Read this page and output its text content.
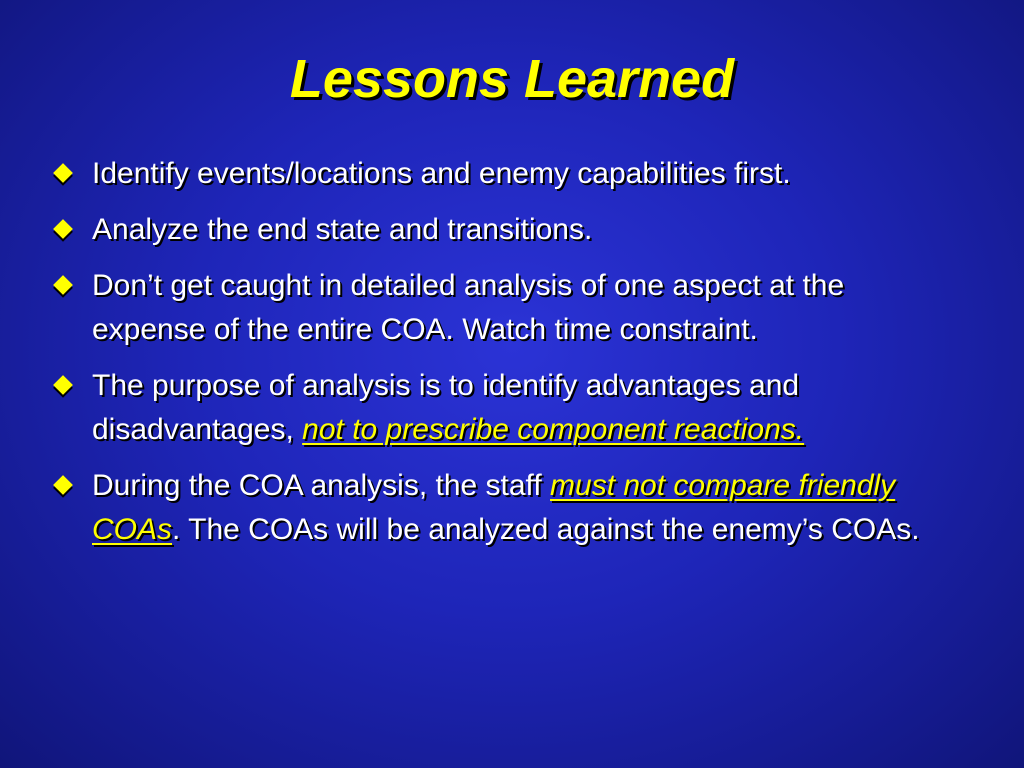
Lessons Learned
Identify events/locations and enemy capabilities first.
Analyze the end state and transitions.
Don’t get caught in detailed analysis of one aspect at the expense of the entire COA. Watch time constraint.
The purpose of analysis is to identify advantages and disadvantages, not to prescribe component reactions.
During the COA analysis, the staff must not compare friendly COAs. The COAs will be analyzed against the enemy’s COAs.
